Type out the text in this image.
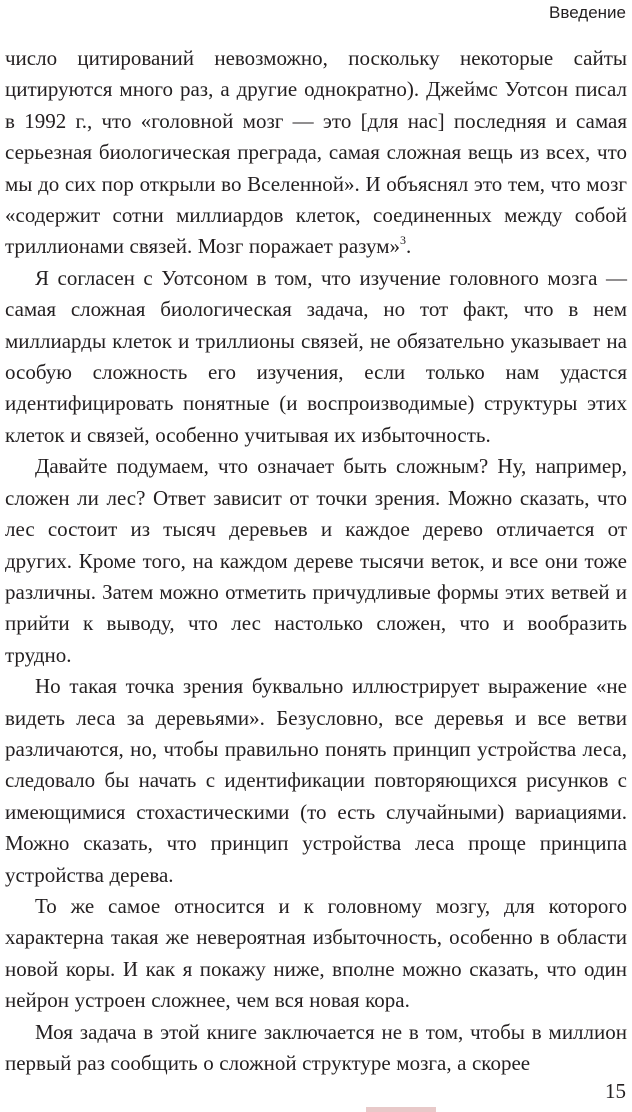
Введение

число цитирований невозможно, поскольку некоторые сайты цитируются много раз, а другие однократно). Джеймс Уотсон писал в 1992 г., что «головной мозг — это [для нас] последняя и самая серьезная биологическая преграда, самая сложная вещь из всех, что мы до сих пор открыли во Вселенной». И объяснял это тем, что мозг «содержит сотни миллиардов клеток, соединенных между собой триллионами связей. Мозг поражает разум»$^3$.

Я согласен с Уотсоном в том, что изучение головного мозга — самая сложная биологическая задача, но тот факт, что в нем миллиарды клеток и триллионы связей, не обязательно указывает на особую сложность его изучения, если только нам удастся идентифицировать понятные (и воспроизводимые) структуры этих клеток и связей, особенно учитывая их избыточность.

Давайте подумаем, что означает быть сложным? Ну, например, сложен ли лес? Ответ зависит от точки зрения. Можно сказать, что лес состоит из тысяч деревьев и каждое дерево отличается от других. Кроме того, на каждом дереве тысячи веток, и все они тоже различны. Затем можно отметить причудливые формы этих ветвей и прийти к выводу, что лес настолько сложен, что и вообразить трудно.

Но такая точка зрения буквально иллюстрирует выражение «не видеть леса за деревьями». Безусловно, все деревья и все ветви различаются, но, чтобы правильно понять принцип устройства леса, следовало бы начать с идентификации повторяющихся рисунков с имеющимися стохастическими (то есть случайными) вариациями. Можно сказать, что принцип устройства леса проще принципа устройства дерева.

То же самое относится и к головному мозгу, для которого характерна такая же невероятная избыточность, особенно в области новой коры. И как я покажу ниже, вполне можно сказать, что один нейрон устроен сложнее, чем вся новая кора.

Моя задача в этой книге заключается не в том, чтобы в миллион первый раз сообщить о сложной структуре мозга, а скорее

15
